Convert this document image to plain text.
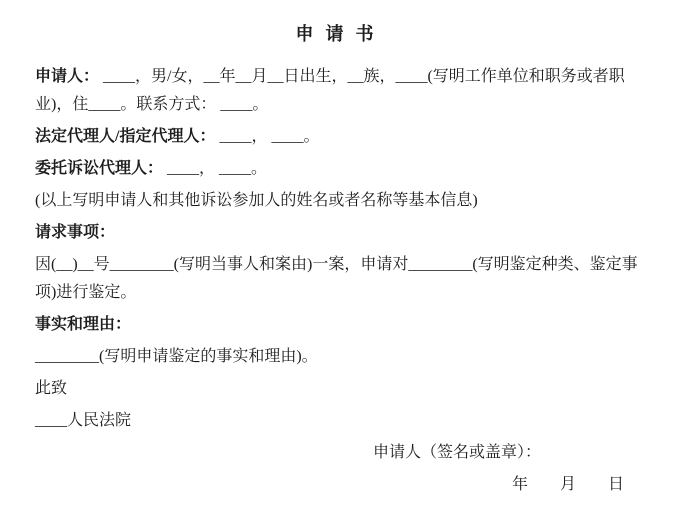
申请书

申请人： ____，男/女，__年__月__日出生，__族，____(写明工作单位和职务或者职业)，住____。联系方式： ____。

法定代理人/指定代理人： ____， ____。

委托诉讼代理人： ____， ____。

(以上写明申请人和其他诉讼参加人的姓名或者名称等基本信息)

请求事项：

因(__)__号________(写明当事人和案由)一案，申请对________(写明鉴定种类、鉴定事项)进行鉴定。

事实和理由：

________(写明申请鉴定的事实和理由)。

此致

____人民法院

申请人（签名或盖章）：

年　　月　　日
